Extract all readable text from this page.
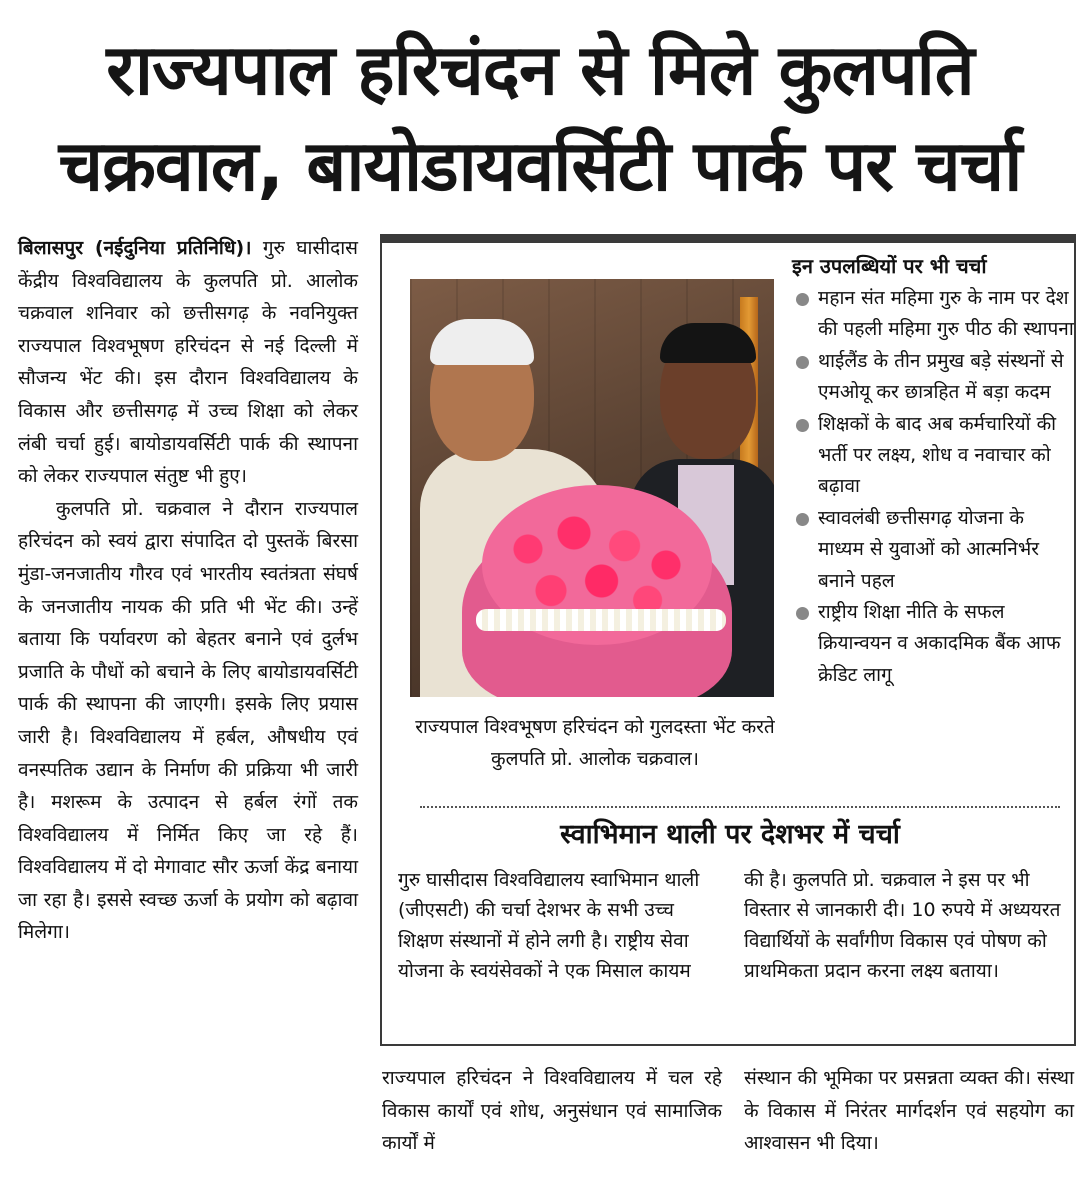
राज्यपाल हरिचंदन से मिले कुलपति
चक्रवाल, बायोडायवर्सिटी पार्क पर चर्चा

बिलासपुर (नईदुनिया प्रतिनिधि)। गुरु घासीदास केंद्रीय विश्वविद्यालय के कुलपति प्रो. आलोक चक्रवाल शनिवार को छत्तीसगढ़ के नवनियुक्त राज्यपाल विश्वभूषण हरिचंदन से नई दिल्ली में सौजन्य भेंट की। इस दौरान विश्वविद्यालय के विकास और छत्तीसगढ़ में उच्च शिक्षा को लेकर लंबी चर्चा हुई। बायोडायवर्सिटी पार्क की स्थापना को लेकर राज्यपाल संतुष्ट भी हुए।

कुलपति प्रो. चक्रवाल ने दौरान राज्यपाल हरिचंदन को स्वयं द्वारा संपादित दो पुस्तकें बिरसा मुंडा-जनजातीय गौरव एवं भारतीय स्वतंत्रता संघर्ष के जनजातीय नायक की प्रति भी भेंट की। उन्हें बताया कि पर्यावरण को बेहतर बनाने एवं दुर्लभ प्रजाति के पौधों को बचाने के लिए बायोडायवर्सिटी पार्क की स्थापना की जाएगी। इसके लिए प्रयास जारी है। विश्वविद्यालय में हर्बल, औषधीय एवं वनस्पतिक उद्यान के निर्माण की प्रक्रिया भी जारी है। मशरूम के उत्पादन से हर्बल रंगों तक विश्वविद्यालय में निर्मित किए जा रहे हैं। विश्वविद्यालय में दो मेगावाट सौर ऊर्जा केंद्र बनाया जा रहा है। इससे स्वच्छ ऊर्जा के प्रयोग को बढ़ावा मिलेगा।

राज्यपाल विश्वभूषण हरिचंदन को गुलदस्ता भेंट करते कुलपति प्रो. आलोक चक्रवाल।
इन उपलब्धियों पर भी चर्चा
महान संत महिमा गुरु के नाम पर देश की पहली महिमा गुरु पीठ की स्थापना
थाईलैंड के तीन प्रमुख बड़े संस्थनों से एमओयू कर छात्रहित में बड़ा कदम
शिक्षकों के बाद अब कर्मचारियों की भर्ती पर लक्ष्य, शोध व नवाचार को बढ़ावा
स्वावलंबी छत्तीसगढ़ योजना के माध्यम से युवाओं को आत्मनिर्भर बनाने पहल
राष्ट्रीय शिक्षा नीति के सफल क्रियान्वयन व अकादमिक बैंक आफ क्रेडिट लागू
स्वाभिमान थाली पर देशभर में चर्चा
गुरु घासीदास विश्वविद्यालय स्वाभिमान थाली (जीएसटी) की चर्चा देशभर के सभी उच्च शिक्षण संस्थानों में होने लगी है। राष्ट्रीय सेवा योजना के स्वयंसेवकों ने एक मिसाल कायम
की है। कुलपति प्रो. चक्रवाल ने इस पर भी विस्तार से जानकारी दी। 10 रुपये में अध्ययरत विद्यार्थियों के सर्वांगीण विकास एवं पोषण को प्राथमिकता प्रदान करना लक्ष्य बताया।
राज्यपाल हरिचंदन ने विश्वविद्यालय में चल रहे विकास कार्यों एवं शोध, अनुसंधान एवं सामाजिक कार्यों में
संस्थान की भूमिका पर प्रसन्नता व्यक्त की। संस्था के विकास में निरंतर मार्गदर्शन एवं सहयोग का आश्वासन भी दिया।
